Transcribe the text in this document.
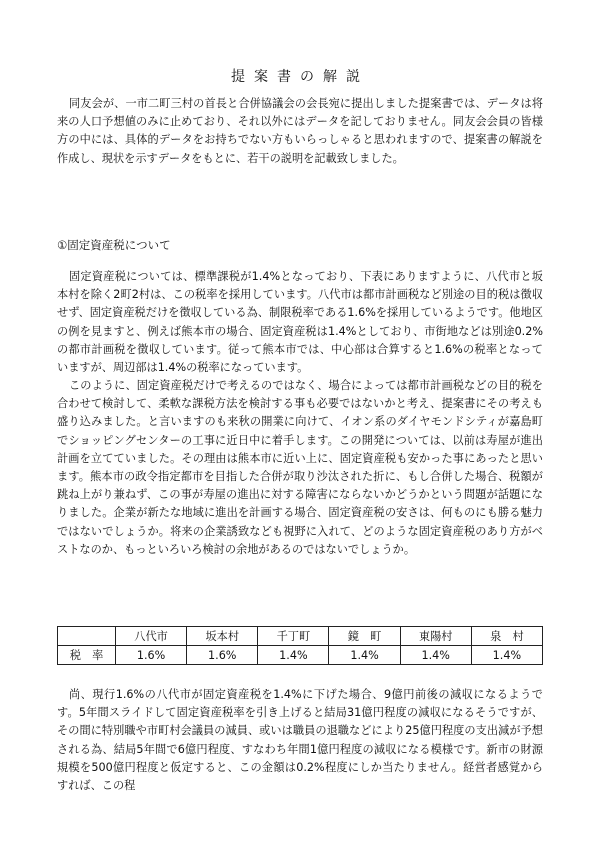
提案書の解説

同友会が、一市二町三村の首長と合併協議会の会長宛に提出しました提案書では、データは将来の人口予想値のみに止めており、それ以外にはデータを記しておりません。同友会会員の皆様方の中には、具体的データをお持ちでない方もいらっしゃると思われますので、提案書の解説を作成し、現状を示すデータをもとに、若干の説明を記載致しました。

①固定資産税について

固定資産税については、標準課税が1.4%となっており、下表にありますように、八代市と坂本村を除く2町2村は、この税率を採用しています。八代市は都市計画税など別途の目的税は徴収せず、固定資産税だけを徴収している為、制限税率である1.6%を採用しているようです。他地区の例を見ますと、例えば熊本市の場合、固定資産税は1.4%としており、市街地などは別途0.2%の都市計画税を徴収しています。従って熊本市では、中心部は合算すると1.6%の税率となっていますが、周辺部は1.4%の税率になっています。

このように、固定資産税だけで考えるのではなく、場合によっては都市計画税などの目的税を合わせて検討して、柔軟な課税方法を検討する事も必要ではないかと考え、提案書にその考えも盛り込みました。と言いますのも来秋の開業に向けて、イオン系のダイヤモンドシティが嘉島町でショッピングセンターの工事に近日中に着手します。この開発については、以前は寿屋が進出計画を立てていました。その理由は熊本市に近い上に、固定資産税も安かった事にあったと思います。熊本市の政令指定都市を目指した合併が取り沙汰された折に、もし合併した場合、税額が跳ね上がり兼ねず、この事が寿屋の進出に対する障害にならないかどうかという問題が話題になりました。企業が新たな地域に進出を計画する場合、固定資産税の安さは、何ものにも勝る魅力ではないでしょうか。将来の企業誘致なども視野に入れて、どのような固定資産税のあり方がベストなのか、もっといろいろ検討の余地があるのではないでしょうか。

	八代市	坂本村	千丁町	鏡　町	東陽村	泉　村
税　率	1.6%	1.6%	1.4%	1.4%	1.4%	1.4%

尚、現行1.6%の八代市が固定資産税を1.4%に下げた場合、9億円前後の減収になるようです。5年間スライドして固定資産税率を引き上げると結局31億円程度の減収になるそうですが、その間に特別職や市町村会議員の減員、或いは職員の退職などにより25億円程度の支出減が予想される為、結局5年間で6億円程度、すなわち年間1億円程度の減収になる模様です。新市の財源規模を500億円程度と仮定すると、この金額は0.2%程度にしか当たりません。経営者感覚からすれば、この程
